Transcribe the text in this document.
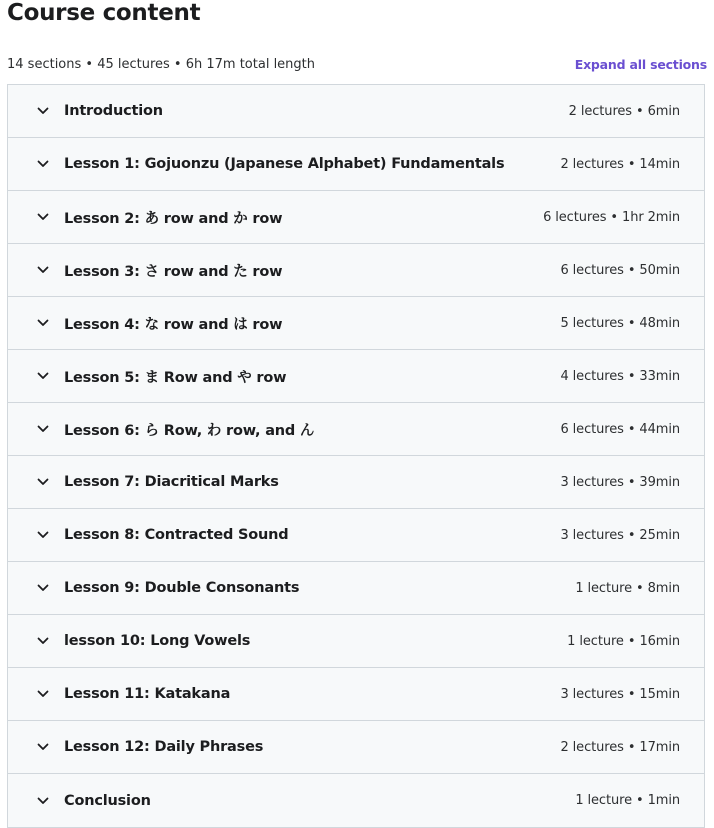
Course content
14 sections • 45 lectures • 6h 17m total length	Expand all sections
Introduction	2 lectures • 6min
Lesson 1: Gojuonzu (Japanese Alphabet) Fundamentals	2 lectures • 14min
Lesson 2: あ row and か row	6 lectures • 1hr 2min
Lesson 3: さ row and た row	6 lectures • 50min
Lesson 4: な row and は row	5 lectures • 48min
Lesson 5: ま Row and や row	4 lectures • 33min
Lesson 6: ら Row, わ row, and ん	6 lectures • 44min
Lesson 7: Diacritical Marks	3 lectures • 39min
Lesson 8: Contracted Sound	3 lectures • 25min
Lesson 9: Double Consonants	1 lecture • 8min
lesson 10: Long Vowels	1 lecture • 16min
Lesson 11: Katakana	3 lectures • 15min
Lesson 12: Daily Phrases	2 lectures • 17min
Conclusion	1 lecture • 1min
